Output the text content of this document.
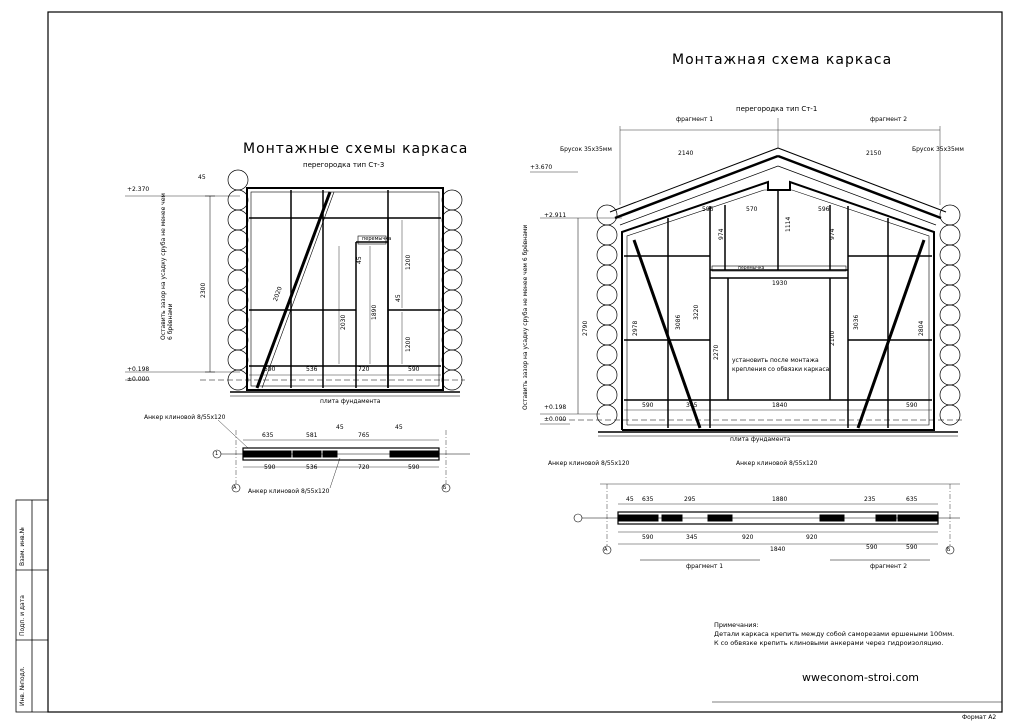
Монтажная схема каркаса
Монтажные схемы каркаса
перегородка тип Ст-3
перегородка тип Ст-1
Взам. инв.№
Подп. и дата
Инв. №подл.
+2.370
+0.198
±0.000
Оставить зазор на усадку сруба не менее чем 6 брёвнами
2300
45
2020
перемычка
1200
1200
2030
1890
45
45
590	536	720	590
плита фундамента
Анкер клиновой 8/55х120
635	581
45
765
45
590	536	720	590
Анкер клиновой 8/55х120
А	Б
1
+3.670
+2.911
+0.198
±0.000
Оставить зазор на усадку сруба не менее чем 6 брёвнами
фрагмент 1	фрагмент 2
Брусок 35х35мм	Брусок 35х35мм
2140	2150
596	570	596
974	974
1114
1930
2790	2978	3086
3220
2270
3036	2804
2100
перемычка
установить после монтажа крепления со обвязки каркаса
590	345	1840	590
плита фундамента
Анкер клиновой 8/55х120	Анкер клиновой 8/55х120
45 635	295	1880	235	635
590	345	920	920
590	590
1840
А	Б
фрагмент 1	фрагмент 2
Примечания:
Детали каркаса крепить между собой саморезами ершеными 100мм.
К со обвязке крепить клиновыми анкерами через гидроизоляцию.
wweconom-stroi.com
Формат А2
